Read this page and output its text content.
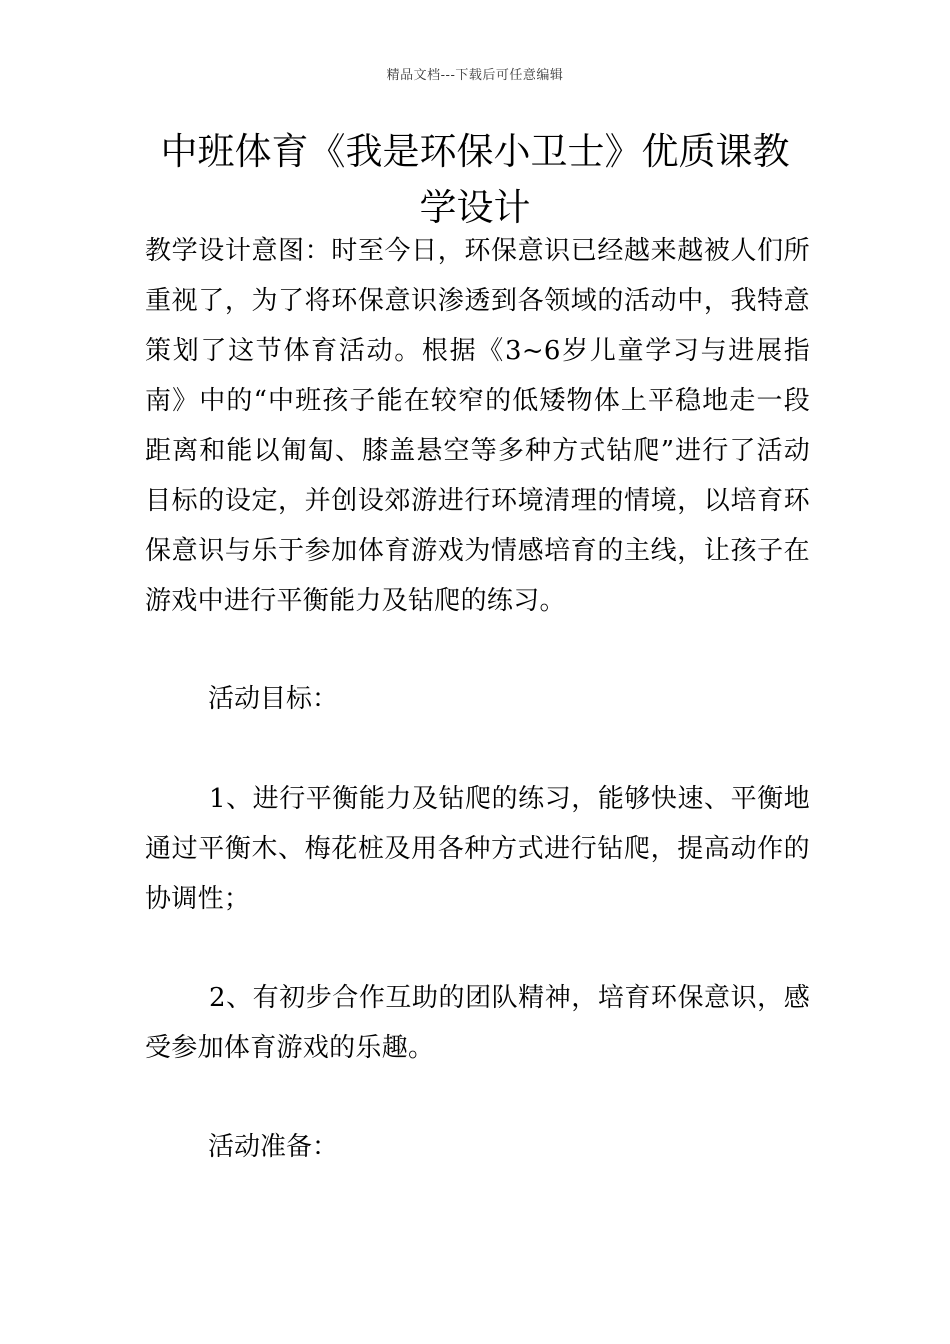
精品文档---下载后可任意编辑
中班体育《我是环保小卫士》优质课教学设计
教学设计意图：时至今日，环保意识已经越来越被人们所重视了，为了将环保意识渗透到各领域的活动中，我特意策划了这节体育活动。根据《3~6岁儿童学习与进展指南》中的“中班孩子能在较窄的低矮物体上平稳地走一段距离和能以匍匐、膝盖悬空等多种方式钻爬”进行了活动目标的设定，并创设郊游进行环境清理的情境，以培育环保意识与乐于参加体育游戏为情感培育的主线，让孩子在游戏中进行平衡能力及钻爬的练习。
活动目标：
1、进行平衡能力及钻爬的练习，能够快速、平衡地通过平衡木、梅花桩及用各种方式进行钻爬，提高动作的协调性；
2、有初步合作互助的团队精神，培育环保意识，感受参加体育游戏的乐趣。
活动准备：
